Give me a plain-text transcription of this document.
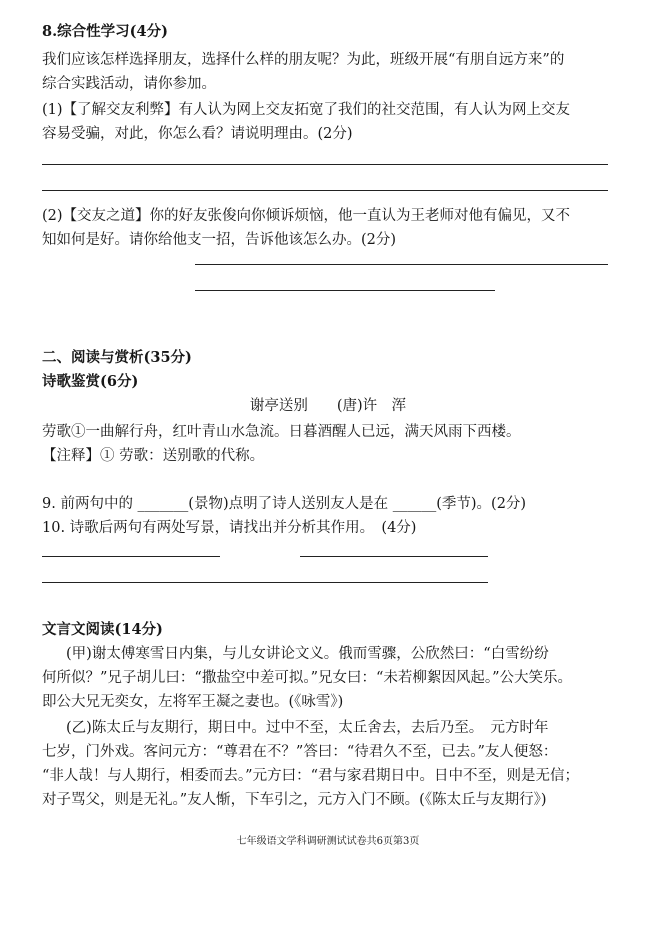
8.综合性学习(4分)
我们应该怎样选择朋友，选择什么样的朋友呢？为此，班级开展“有朋自远方来”的
综合实践活动，请你参加。
(1)【了解交友利弊】有人认为网上交友拓宽了我们的社交范围，有人认为网上交友
容易受骗，对此，你怎么看？请说明理由。(2分)
(2)【交友之道】你的好友张俊向你倾诉烦恼，他一直认为王老师对他有偏见，又不
知如何是好。请你给他支一招，告诉他该怎么办。(2分)
二、阅读与赏析(35分)
诗歌鉴赏(6分)
谢亭送别　　(唐)许　浑
劳歌①一曲解行舟，红叶青山水急流。日暮酒醒人已远，满天风雨下西楼。
【注释】① 劳歌：送别歌的代称。
9. 前两句中的 _______(景物)点明了诗人送别友人是在 ______(季节)。(2分)
10. 诗歌后两句有两处写景，请找出并分析其作用。　(4分)
文言文阅读(14分)
(甲)谢太傅寒雪日内集，与儿女讲论文义。俄而雪骤，公欣然曰：“白雪纷纷
何所似？”兄子胡儿曰：“撒盐空中差可拟。”兄女曰：“未若柳絮因风起。”公大笑乐。
即公大兄无奕女，左将军王凝之妻也。(《咏雪》)
(乙)陈太丘与友期行，期日中。过中不至，太丘舍去，去后乃至。　元方时年
七岁，门外戏。客问元方：“尊君在不？”答曰：“待君久不至，已去。”友人便怒：
“非人哉！与人期行，相委而去。”元方曰：“君与家君期日中。日中不至，则是无信；
对子骂父，则是无礼。”友人惭，下车引之，元方入门不顾。(《陈太丘与友期行》)
七年级语文学科调研测试试卷共6页第3页
